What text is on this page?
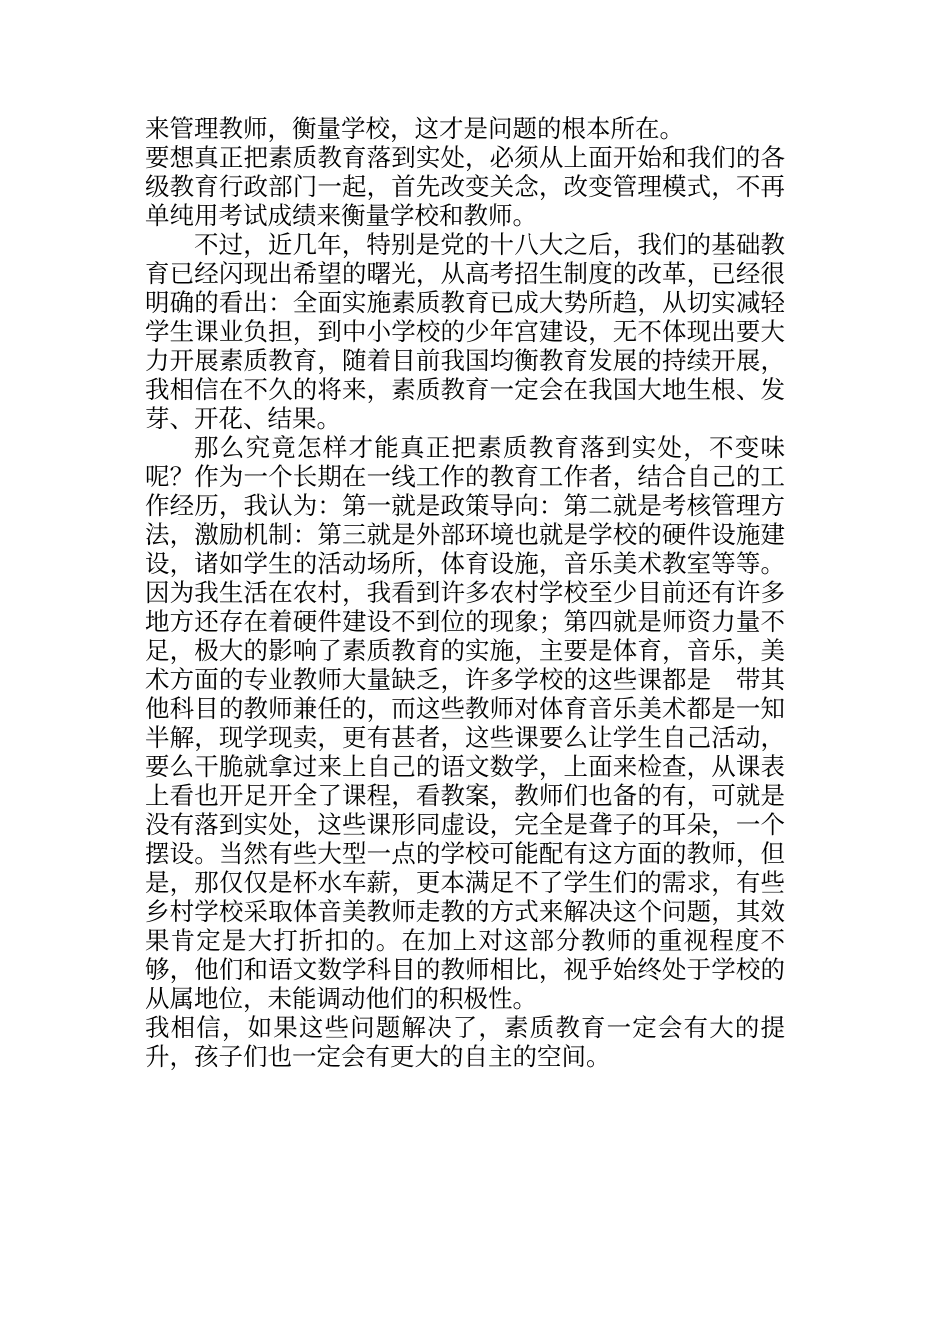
来管理教师，衡量学校，这才是问题的根本所在。

要想真正把素质教育落到实处，必须从上面开始和我们的各级教育行政部门一起，首先改变关念，改变管理模式，不再单纯用考试成绩来衡量学校和教师。

不过，近几年，特别是党的十八大之后，我们的基础教育已经闪现出希望的曙光，从高考招生制度的改革，已经很明确的看出：全面实施素质教育已成大势所趋，从切实减轻学生课业负担，到中小学校的少年宫建设，无不体现出要大力开展素质教育，随着目前我国均衡教育发展的持续开展，我相信在不久的将来，素质教育一定会在我国大地生根、发芽、开花、结果。

那么究竟怎样才能真正把素质教育落到实处，不变味呢？作为一个长期在一线工作的教育工作者，结合自己的工作经历，我认为：第一就是政策导向：第二就是考核管理方法，激励机制：第三就是外部环境也就是学校的硬件设施建设，诸如学生的活动场所，体育设施，音乐美术教室等等。因为我生活在农村，我看到许多农村学校至少目前还有许多地方还存在着硬件建设不到位的现象；第四就是师资力量不足，极大的影响了素质教育的实施，主要是体育，音乐，美术方面的专业教师大量缺乏，许多学校的这些课都是　带其他科目的教师兼任的，而这些教师对体育音乐美术都是一知半解，现学现卖，更有甚者，这些课要么让学生自己活动，要么干脆就拿过来上自己的语文数学，上面来检查，从课表上看也开足开全了课程，看教案，教师们也备的有，可就是没有落到实处，这些课形同虚设，完全是聋子的耳朵，一个摆设。当然有些大型一点的学校可能配有这方面的教师，但是，那仅仅是杯水车薪，更本满足不了学生们的需求，有些乡村学校采取体音美教师走教的方式来解决这个问题，其效果肯定是大打折扣的。在加上对这部分教师的重视程度不够，他们和语文数学科目的教师相比，视乎始终处于学校的从属地位，未能调动他们的积极性。

我相信，如果这些问题解决了，素质教育一定会有大的提升，孩子们也一定会有更大的自主的空间。
